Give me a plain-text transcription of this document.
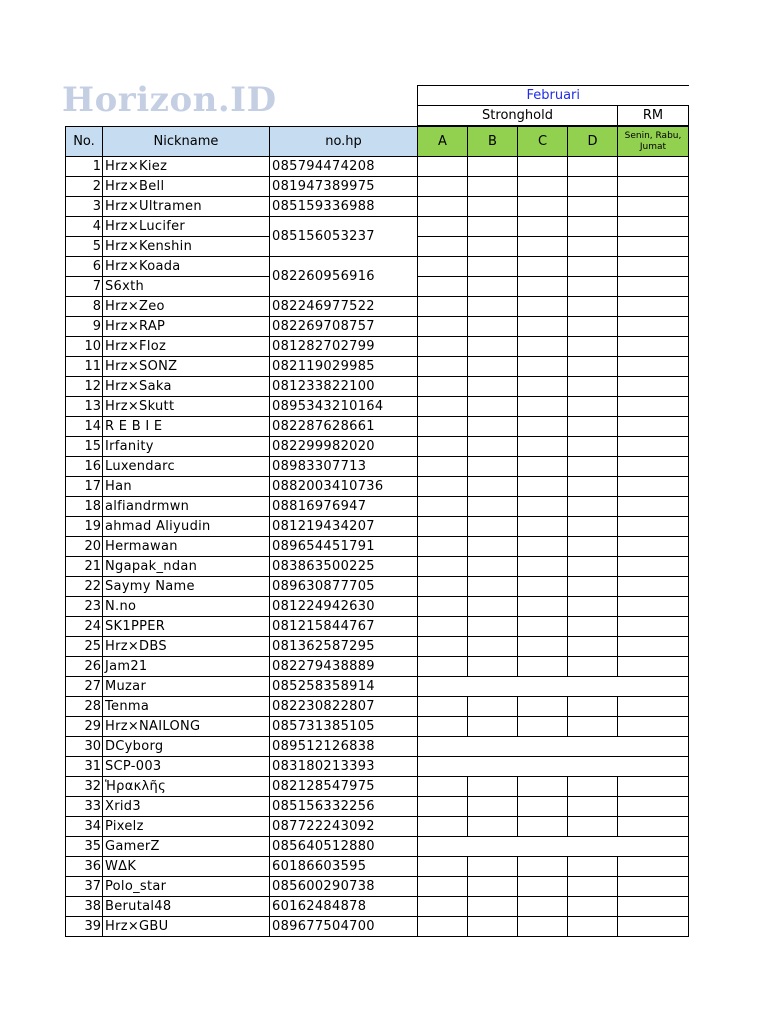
Horizon.ID	Februari
Stronghold	RM
No.	Nickname	no.hp	A	B	C	D	Senin, Rabu, Jumat
1	Hrz×Kiez	085794474208					
2	Hrz×Bell	081947389975					
3	Hrz×Ultramen	085159336988					
4	Hrz×Lucifer	085156053237					
5	Hrz×Kenshin						
6	Hrz×Koada	082260956916					
7	S6xth						
8	Hrz×Zeo	082246977522					
9	Hrz×RAP	082269708757					
10	Hrz×Floz	081282702799					
11	Hrz×SONZ	082119029985					
12	Hrz×Saka	081233822100					
13	Hrz×Skutt	0895343210164					
14	R E B I E	082287628661					
15	Irfanity	082299982020					
16	Luxendarc	08983307713					
17	Han	0882003410736					
18	alfiandrmwn	08816976947					
19	ahmad Aliyudin	081219434207					
20	Hermawan	089654451791					
21	Ngapak_ndan	083863500225					
22	Saymy Name	089630877705					
23	N.no	081224942630					
24	SK1PPER	081215844767					
25	Hrz×DBS	081362587295					
26	Jam21	082279438889					
27	Muzar	085258358914					
28	Tenma	082230822807					
29	Hrz×NAILONG	085731385105					
30	DCyborg	089512126838					
31	SCP-003	083180213393					
32	Ἡρακλῆς	082128547975					
33	Xrid3	085156332256					
34	Pixelz	087722243092					
35	GamerZ	085640512880					
36	WΔK	60186603595					
37	Polo_star	085600290738					
38	Berutal48	60162484878					
39	Hrz×GBU	089677504700					
